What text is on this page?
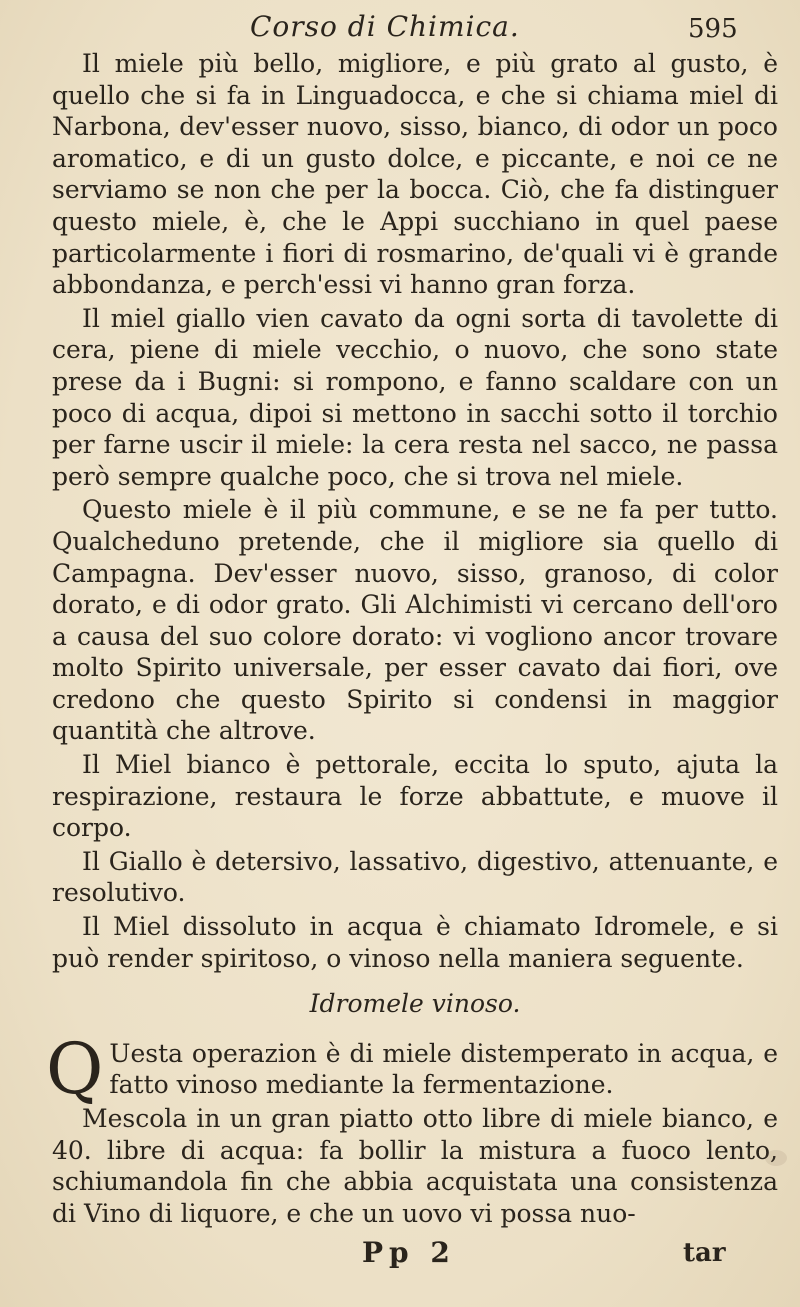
Corso di Chimica.	595

Il miele più bello, migliore, e più grato al gusto, è quello che si fa in Linguadocca, e che si chiama miel di Narbona, dev'esser nuovo, sisso, bianco, di odor un poco aromatico, e di un gusto dolce, e piccante, e noi ce ne serviamo se non che per la bocca. Ciò, che fa distinguer questo miele, è, che le Appi succhiano in quel paese particolarmente i fiori di rosmarino, de'quali vi è grande abbondanza, e perch'essi vi hanno gran forza.

Il miel giallo vien cavato da ogni sorta di tavolette di cera, piene di miele vecchio, o nuovo, che sono state prese da i Bugni: si rompono, e fanno scaldare con un poco di acqua, dipoi si mettono in sacchi sotto il torchio per farne uscir il miele: la cera resta nel sacco, ne passa però sempre qualche poco, che si trova nel miele.

Questo miele è il più commune, e se ne fa per tutto. Qualcheduno pretende, che il migliore sia quello di Campagna. Dev'esser nuovo, sisso, granoso, di color dorato, e di odor grato. Gli Alchimisti vi cercano dell'oro a causa del suo colore dorato: vi vogliono ancor trovare molto Spirito universale, per esser cavato dai fiori, ove credono che questo Spirito si condensi in maggior quantità che altrove.

Il Miel bianco è pettorale, eccita lo sputo, ajuta la respirazione, restaura le forze abbattute, e muove il corpo.

Il Giallo è detersivo, lassativo, digestivo, attenuante, e resolutivo.

Il Miel dissoluto in acqua è chiamato Idromele, e si può render spiritoso, o vinoso nella maniera seguente.

Idromele vinoso.

Q Uesta operazion è di miele distemperato in acqua, e fatto vinoso mediante la fermentazione.

Mescola in un gran piatto otto libre di miele bianco, e 40. libre di acqua: fa bollir la mistura a fuoco lento, schiumandola fin che abbia acquistata una consistenza di Vino di liquore, e che un uovo vi possa nuo-

Pp 2	tar
